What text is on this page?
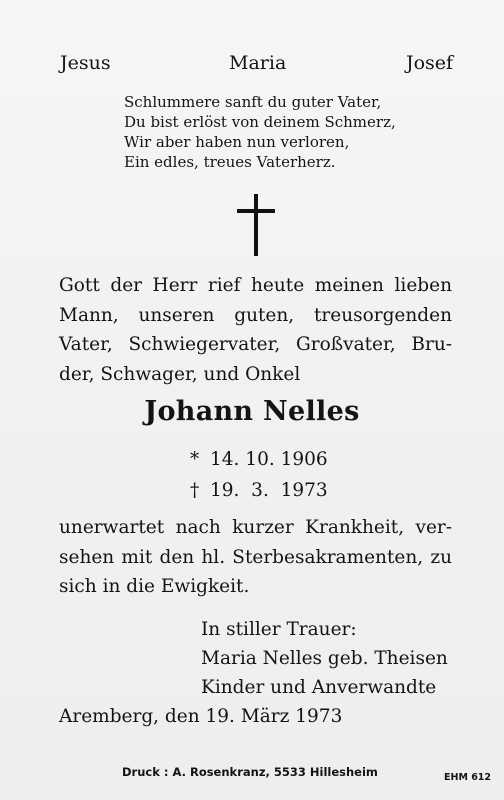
Jesus	Maria	Josef
Schlummere sanft du guter Vater,
Du bist erlöst von deinem Schmerz,
Wir aber haben nun verloren,
Ein edles, treues Vaterherz.
Gott der Herr rief heute meinen lieben
Mann, unseren guten, treusorgenden
Vater, Schwiegervater, Großvater, Bru-
der, Schwager, und Onkel
Johann Nelles
* 14. 10. 1906
† 19.  3.  1973
unerwartet nach kurzer Krankheit, ver-
sehen mit den hl. Sterbesakramenten, zu
sich in die Ewigkeit.
In stiller Trauer:
Maria Nelles geb. Theisen
Kinder und Anverwandte
Aremberg, den 19. März 1973
Druck : A. Rosenkranz, 5533 Hillesheim	EHM 612
